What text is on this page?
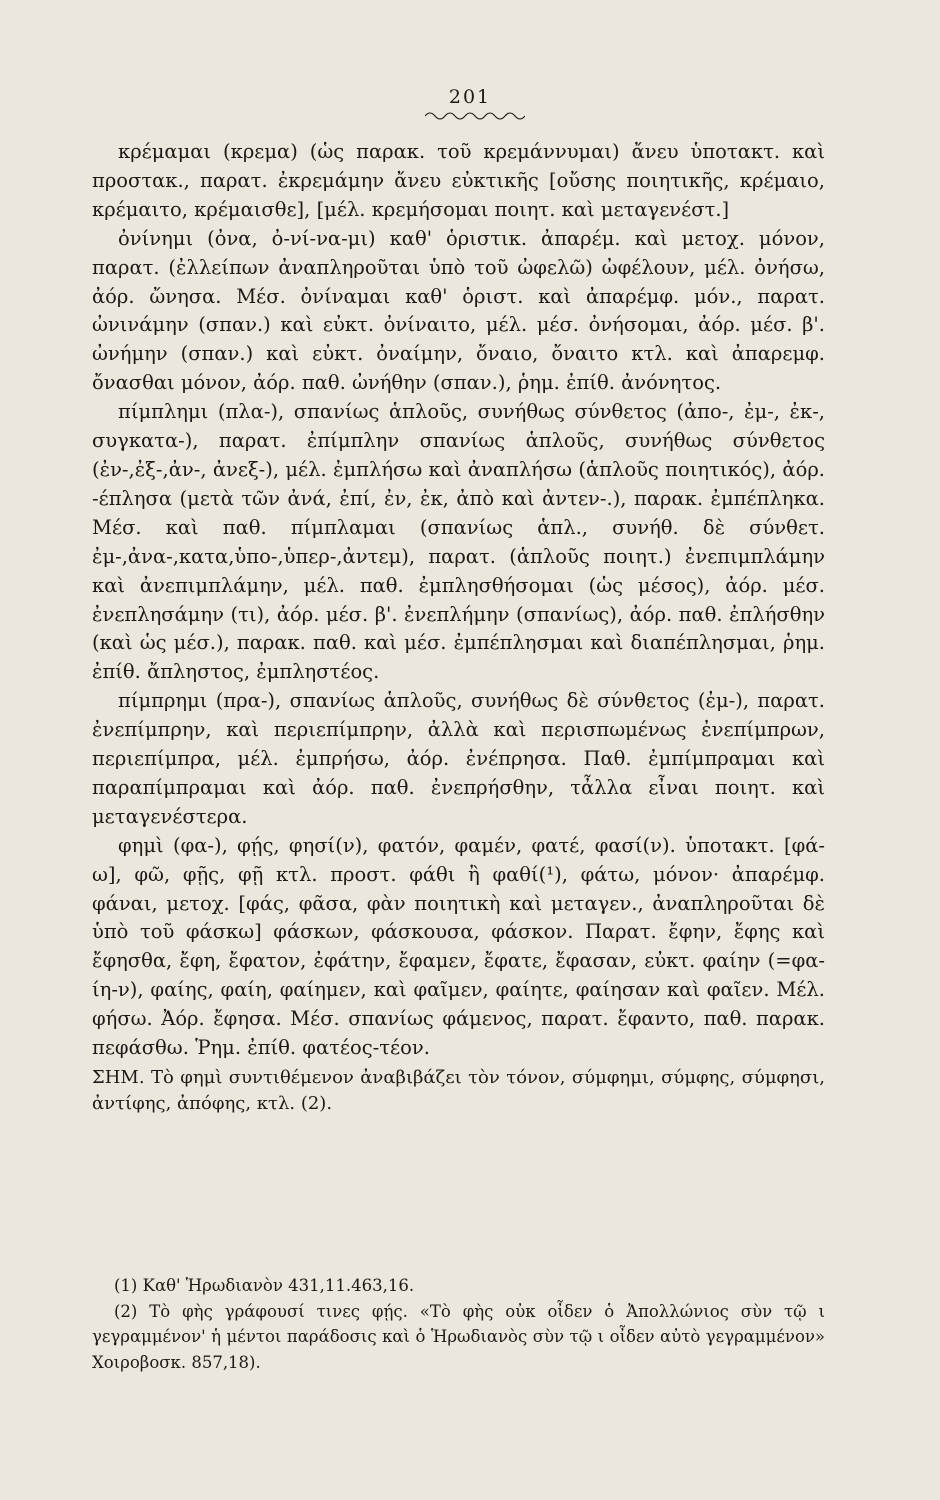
201

κρέμαμαι (κρεμα) (ὡς παρακ. τοῦ κρεμάννυμαι) ἄνευ ὑποτακτ. καὶ προστακ., παρατ. ἐκρεμάμην ἄνευ εὐκτικῆς [οὔσης ποιητικῆς, κρέμαιο, κρέμαιτο, κρέμαισθε], [μέλ. κρεμήσομαι ποιητ. καὶ μεταγενέστ.]

ὀνίνημι (ὀνα, ὀ-νί-να-μι) καθ' ὁριστικ. ἀπαρέμ. καὶ μετοχ. μόνον, παρατ. (ἐλλείπων ἀναπληροῦται ὑπὸ τοῦ ὠφελῶ) ὠφέλουν, μέλ. ὀνήσω, ἀόρ. ὤνησα. Μέσ. ὀνίναμαι καθ' ὁριστ. καὶ ἀπαρέμφ. μόν., παρατ. ὠνινάμην (σπαν.) καὶ εὐκτ. ὀνίναιτο, μέλ. μέσ. ὀνήσομαι, ἀόρ. μέσ. β'. ὠνήμην (σπαν.) καὶ εὐκτ. ὀναίμην, ὄναιο, ὄναιτο κτλ. καὶ ἀπαρεμφ. ὄνασθαι μόνον, ἀόρ. παθ. ὠνήθην (σπαν.), ῥημ. ἐπίθ. ἀνόνητος.

πίμπλημι (πλα-), σπανίως ἁπλοῦς, συνήθως σύνθετος (ἀπο-, ἐμ-, ἐκ-, συγκατα-), παρατ. ἐπίμπλην σπανίως ἁπλοῦς, συνήθως σύνθετος (ἐν-,ἐξ-,ἀν-, ἀνεξ-), μέλ. ἐμπλήσω καὶ ἀναπλήσω (ἁπλοῦς ποιητικός), ἀόρ. -έπλησα (μετὰ τῶν ἀνά, ἐπί, ἐν, ἐκ, ἀπὸ καὶ ἀντεν-.), παρακ. ἐμπέπληκα. Μέσ. καὶ παθ. πίμπλαμαι (σπανίως ἁπλ., συνήθ. δὲ σύνθετ. ἐμ-,ἀνα-,κατα,ὑπο-,ὑπερ-,ἀντεμ), παρατ. (ἁπλοῦς ποιητ.) ἐνεπιμπλάμην καὶ ἀνεπιμπλάμην, μέλ. παθ. ἐμπλησθήσομαι (ὡς μέσος), ἀόρ. μέσ. ἐνεπλησάμην (τι), ἀόρ. μέσ. β'. ἐνεπλήμην (σπανίως), ἀόρ. παθ. ἐπλήσθην (καὶ ὡς μέσ.), παρακ. παθ. καὶ μέσ. ἐμπέπλησμαι καὶ διαπέπλησμαι, ῥημ. ἐπίθ. ἄπληστος, ἐμπληστέος.

πίμπρημι (πρα-), σπανίως ἁπλοῦς, συνήθως δὲ σύνθετος (ἐμ-), παρατ. ἐνεπίμπρην, καὶ περιεπίμπρην, ἀλλὰ καὶ περισπωμένως ἐνεπίμπρων, περιεπίμπρα, μέλ. ἐμπρήσω, ἀόρ. ἐνέπρησα. Παθ. ἐμπίμπραμαι καὶ παραπίμπραμαι καὶ ἀόρ. παθ. ἐνεπρήσθην, τἆλλα εἶναι ποιητ. καὶ μεταγενέστερα.

φημὶ (φα-), φῄς, φησί(ν), φατόν, φαμέν, φατέ, φασί(ν). ὑποτακτ. [φά-ω], φῶ, φῇς, φῇ κτλ. προστ. φάθι ἢ φαθί(¹), φάτω, μόνον· ἀπαρέμφ. φάναι, μετοχ. [φάς, φᾶσα, φὰν ποιητικὴ καὶ μεταγεν., ἀναπληροῦται δὲ ὑπὸ τοῦ φάσκω] φάσκων, φάσκουσα, φάσκον. Παρατ. ἔφην, ἔφης καὶ ἔφησθα, ἔφη, ἔφατον, ἐφάτην, ἔφαμεν, ἔφατε, ἔφασαν, εὐκτ. φαίην (=φα-ίη-ν), φαίης, φαίη, φαίημεν, καὶ φαῖμεν, φαίητε, φαίησαν καὶ φαῖεν. Μέλ. φήσω. Ἀόρ. ἔφησα. Μέσ. σπανίως φάμενος, παρατ. ἔφαντο, παθ. παρακ. πεφάσθω. Ῥημ. ἐπίθ. φατέος-τέον.

ΣΗΜ. Τὸ φημὶ συντιθέμενον ἀναβιβάζει τὸν τόνον, σύμφημι, σύμφης, σύμφησι, ἀντίφης, ἀπόφης, κτλ. (2).

(1) Καθ' Ἡρωδιανὸν 431,11.463,16.

(2) Τὸ φὴς γράφουσί τινες φῄς. «Τὸ φὴς οὐκ οἶδεν ὁ Ἀπολλώνιος σὺν τῷ ι γεγραμμένον' ἡ μέντοι παράδοσις καὶ ὁ Ἡρωδιανὸς σὺν τῷ ι οἶδεν αὐτὸ γεγραμμένον» Χοιροβοσκ. 857,18).
